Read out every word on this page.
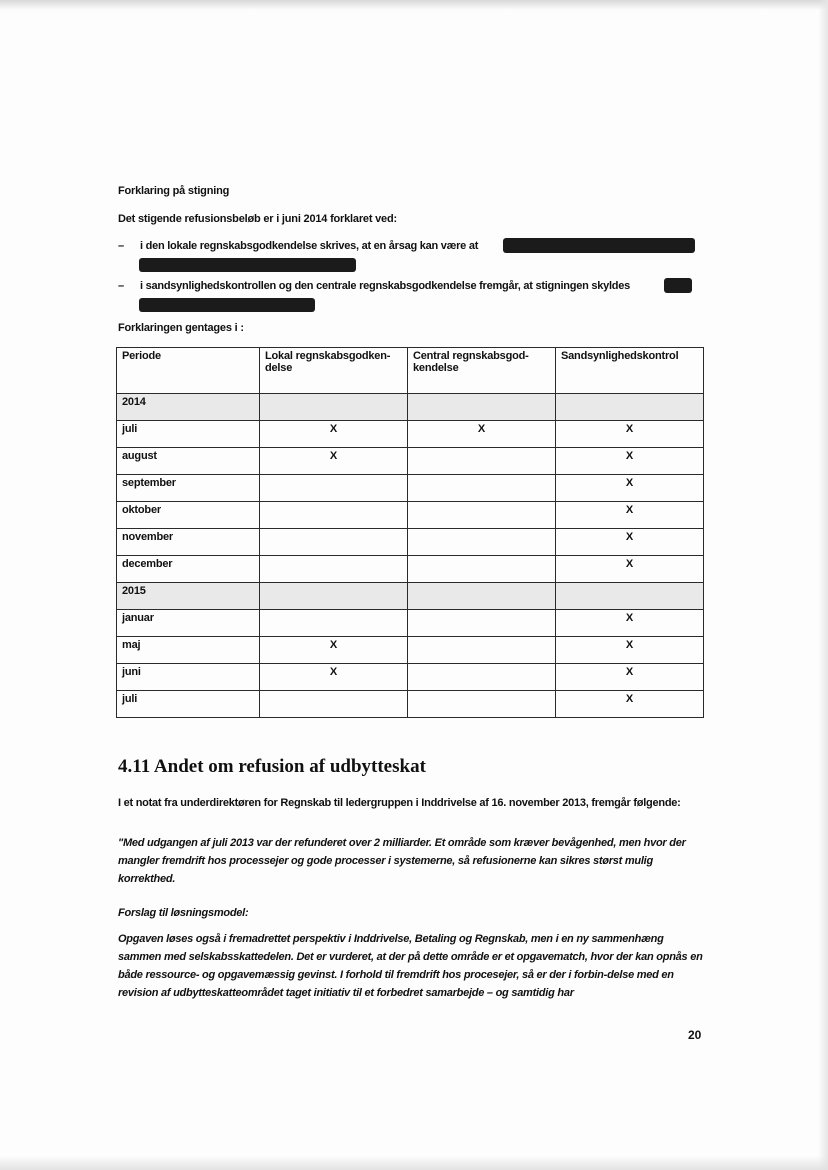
Forklaring på stigning
Det stigende refusionsbeløb er i juni 2014 forklaret ved:
– i den lokale regnskabsgodkendelse skrives, at en årsag kan være at
– i sandsynlighedskontrollen og den centrale regnskabsgodkendelse fremgår, at stigningen skyldes
Forklaringen gentages i :
Periode	Lokal regnskabsgodken-delse	Central regnskabsgod-kendelse	Sandsynlighedskontrol
2014			
juli	X	X	X
august	X		X
september			X
oktober			X
november			X
december			X
2015			
januar			X
maj	X		X
juni	X		X
juli			X
4.11 Andet om refusion af udbytteskat
I et notat fra underdirektøren for Regnskab til ledergruppen i Inddrivelse af 16. november 2013, fremgår følgende:
"Med udgangen af juli 2013 var der refunderet over 2 milliarder. Et område som kræver bevågenhed, men hvor der mangler fremdrift hos processejer og gode processer i systemerne, så refusionerne kan sikres størst mulig korrekthed.
Forslag til løsningsmodel:
Opgaven løses også i fremadrettet perspektiv i Inddrivelse, Betaling og Regnskab, men i en ny sammenhæng sammen med selskabsskattedelen. Det er vurderet, at der på dette område er et opgavematch, hvor der kan opnås en både ressource- og opgavemæssig gevinst. I forhold til fremdrift hos procesejer, så er der i forbin-delse med en revision af udbytteskatteområdet taget initiativ til et forbedret samarbejde – og samtidig har
20
